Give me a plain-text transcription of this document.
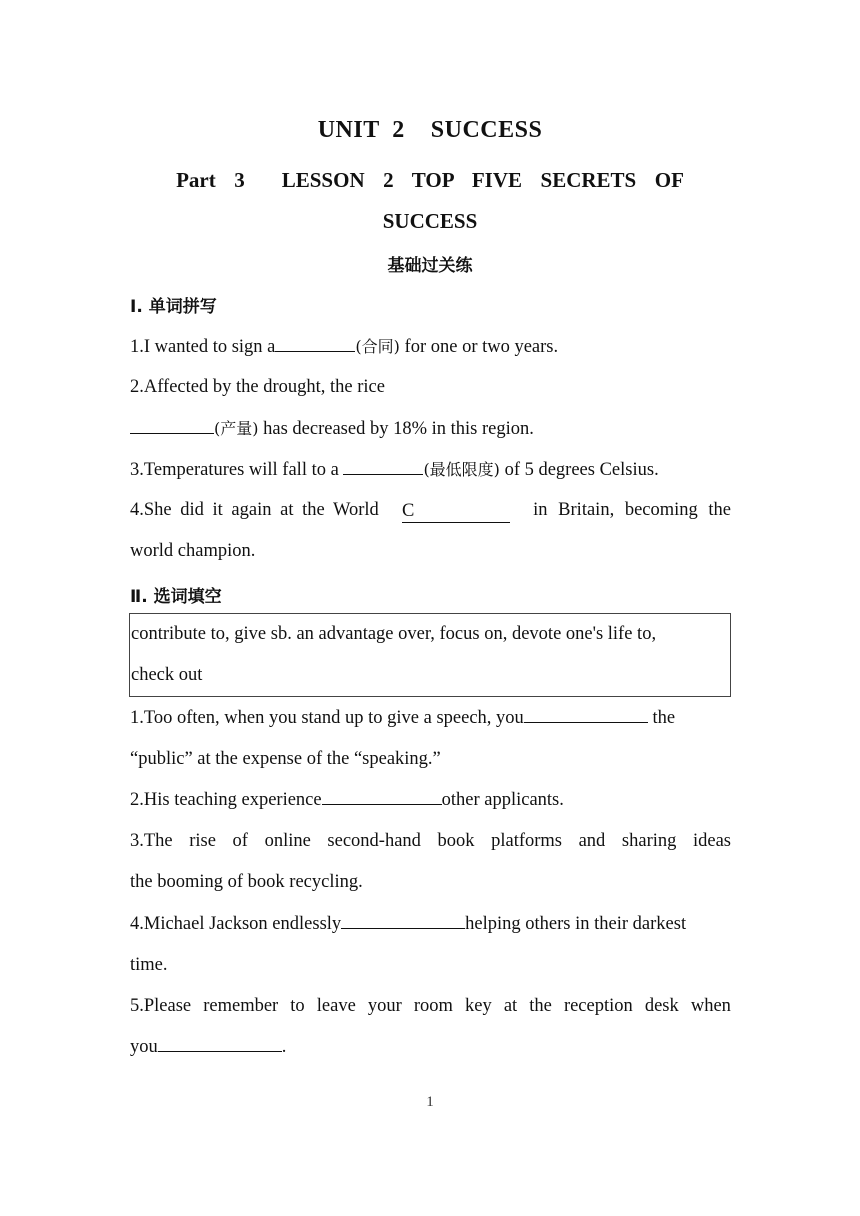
UNIT  2    SUCCESS
Part  3    LESSON  2  TOP  FIVE  SECRETS  OF
SUCCESS
基础过关练
Ⅰ. 单词拼写
1.I wanted to sign a	(合同) for one or two years.
2.Affected by the drought, the rice
(产量) has decreased by 18% in this region.
3.Temperatures will fall to a	(最低限度) of 5 degrees Celsius.
4.She did it again at the World C	in Britain, becoming the
world champion.
Ⅱ. 选词填空
contribute to, give sb. an advantage over, focus on, devote one's life to,
check out
1.Too often, when you stand up to give a speech, you	the
“public” at the expense of the “speaking.”
2.His teaching experience	other applicants.
3.The rise of online second-hand book platforms and sharing ideas
the booming of book recycling.
4.Michael Jackson endlessly	helping others in their darkest
time.
5.Please remember to leave your room key at the reception desk when
you	.
1
